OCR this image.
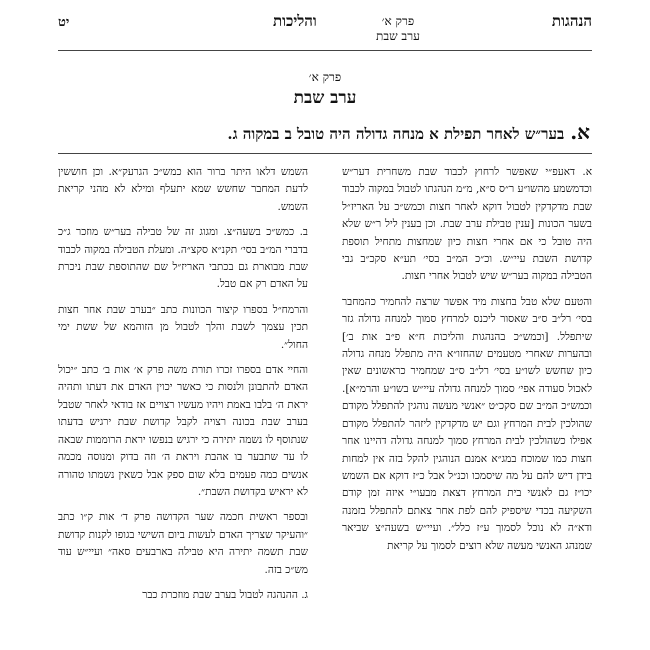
הנהגות
פרק א׳
ערב שבת
והליכות
יט
פרק א׳
ערב שבת
א.בער״ש לאחר תפילת א מנחה גדולה היה טובל ב במקוה ג.

א. דאעפ״י שאפשר לרחוץ לכבוד שבת משחרית דער״ש וכדמשמע מהשו״ע ר״ס ס״א, מ״מ הנהגתו לטבול במקוה לכבוד שבת מדקדקין לטבול דוקא לאחר חצות וכמש״כ על האריז״ל בשער הכונות [ענין טבילת ערב שבת. וכן בענין ליל ר״ש שלא היה טובל כי אם אחרי חצות כיון שמחצות מתחיל תוספת קדושת השבת עיי״ש. וכ״כ המ״ב בסי׳ תע״א סקכ״ב גבי הטבילה במקוה בער״ש שיש לטבול אחרי חצות.

והטעם שלא טבל בחצות מיד אפשר שרצה להחמיר כהמחבר בסי׳ רל״ב ס״ב שאסור ליכנס למרחץ סמוך למנחה גדולה גזר שיתפלל. [וכמש״כ בהנהגות והליכות ח״א פ״ב אות ב׳] ובהערות שאחרי מטעמים שהחזו״א היה מתפלל מנחה גדולה כיון שחשש לשו״ע בסי׳ רל״ב ס״ב שמחמיר כראשונים שאין לאכול סעודה אפי׳ סמוך למנחה גדולה עיי״ש בשו״ע והרמ״א]. וכמש״כ המ״ב שם סקכ״ט ״אנשי מעשה נוהגין להתפלל מקודם שהולכין לבית המרחץ וגם יש מדקדקין ליזהר להתפלל מקודם אפילו כשהולכין לבית המרחץ סמוך למנחה גדולה דהיינו אחר חצות כמו שמוכח במג״א אמנם הנוהגין להקל בזה אין למחות בידן דיש להם על מה שיסמכו וכנ״ל אבל כ״ז דוקא אם השמש יכו״ז גם לאנשי בית המרחץ דצאת מבעו״י איזה זמן קודם השקיעה בכדי שיספיק להם לפת אחר צאתם להתפלל בזמנה ודא״ה לא נוכל לסמוך ע״ז כלל״. ועיי״ש בשעה״צ שביאר שמנהג האנשי מעשה שלא רוצים לסמוך על קריאת

השמש דלאו היתר ברור הוא כמש״כ הגרעק״א. וכן חוששין לדעת המחבר שחשש שמא יתעלף ומילא לא מהני קריאת השמש.

ב. כמש״כ בשעה״צ. ומגוג זה של טבילה בער״ש מוזכר ג״כ בדברי המ״ב בסי׳ תקנ״א סקצ״ה. ומעלת הטבילה במקוה לכבוד שבת מבוארת גם בכתבי האריז״ל שם שהתוספת שבת ניכרת על האדם רק אם טבל.

והרמח״ל בספרו קיצור הכוונות כתב ״בערב שבת אחר חצות תכין עצמך לשבת והלך לטבול מן הזוהמא של ששת ימי החול״.

והחיי אדם בספרו זכרו תורת משה פרק א׳ אות ב׳ כתב ״יכול האדם להתבונן ולנסות כי כאשר יכוין האדם את דעתו ותהיה יראת ה׳ בלבו באמת ויהיו מעשיו רצויים אז בודאי לאחר שטבל בערב שבת בכונה רצויה לקבל קדושת שבת ירגיש בדעתו שנתוסף לו נשמה יתירה כי ירגיש בנפשו יראת הרוממות שבאה לו עד שתבער בו אהבת ויראת ה׳ וזה בדוק ומנוסה מכמה אנשים כמה פעמים בלא שום ספק אבל כשאין נשמתו טהורה לא יראיש בקדושת השבת״.

ובספר ראשית חכמה שער הקדושה פרק ד׳ אות ק״ו כתב ״והעיקר שצריך האדם לעשות ביום השישי בגופו לקנות קדושת שבת תשמה יתירה היא טבילה בארבעים סאה״ ועיי״ש עוד מש״כ בזה.

ג. ההנהגה לטבול בערב שבת מוזכרת כבר
